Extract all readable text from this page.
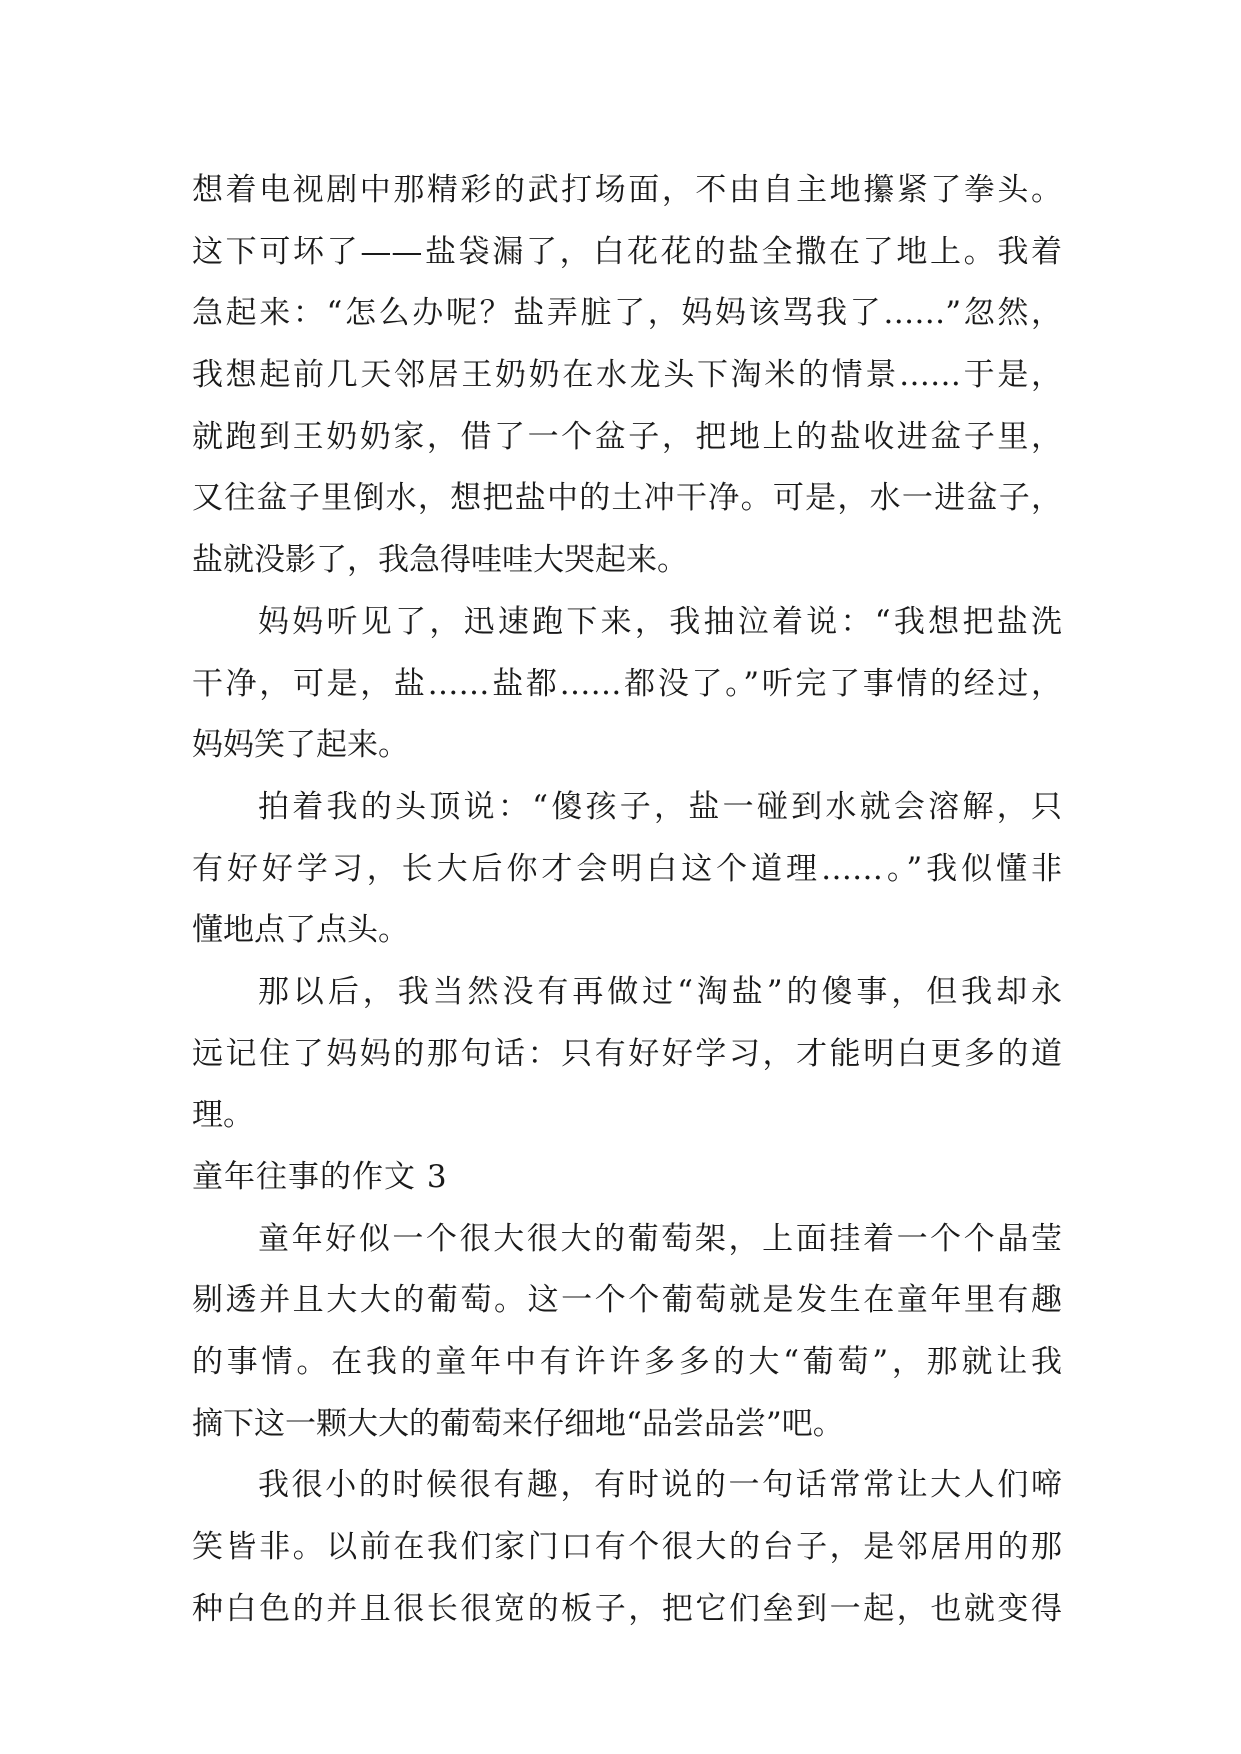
想着电视剧中那精彩的武打场面，不由自主地攥紧了拳头。
这下可坏了——盐袋漏了，白花花的盐全撒在了地上。我着
急起来：“怎么办呢？盐弄脏了，妈妈该骂我了……”忽然，
我想起前几天邻居王奶奶在水龙头下淘米的情景……于是，
就跑到王奶奶家，借了一个盆子，把地上的盐收进盆子里，
又往盆子里倒水，想把盐中的土冲干净。可是，水一进盆子，
盐就没影了，我急得哇哇大哭起来。
妈妈听见了，迅速跑下来，我抽泣着说：“我想把盐洗
干净，可是，盐……盐都……都没了。”听完了事情的经过，
妈妈笑了起来。
拍着我的头顶说：“傻孩子，盐一碰到水就会溶解，只
有好好学习，长大后你才会明白这个道理……。”我似懂非
懂地点了点头。
那以后，我当然没有再做过“淘盐”的傻事，但我却永
远记住了妈妈的那句话：只有好好学习，才能明白更多的道
理。
童年往事的作文 3
童年好似一个很大很大的葡萄架，上面挂着一个个晶莹
剔透并且大大的葡萄。这一个个葡萄就是发生在童年里有趣
的事情。在我的童年中有许许多多的大“葡萄”，那就让我
摘下这一颗大大的葡萄来仔细地“品尝品尝”吧。
我很小的时候很有趣，有时说的一句话常常让大人们啼
笑皆非。以前在我们家门口有个很大的台子，是邻居用的那
种白色的并且很长很宽的板子，把它们垒到一起，也就变得
